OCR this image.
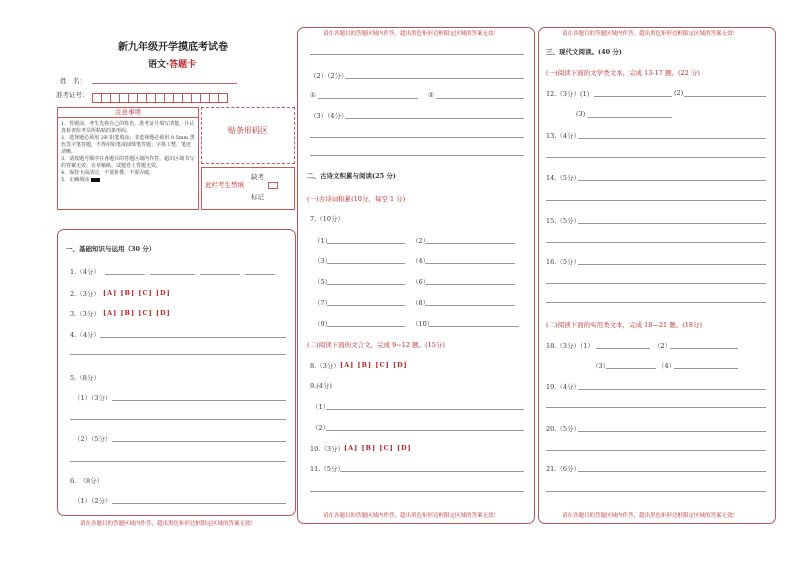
新九年级开学摸底考试卷
语文·答题卡
姓　名：
准考证号：
注意事项
1．答题前，考生先将自己的姓名，准考证号填写清楚，并认真检查监考员所粘贴的条形码。
2．选择题必须用 2B 铅笔填涂；非选择题必须用 0.5mm 黑色签字笔答题，不得用铅笔或圆珠笔答题；字体工整、笔迹清晰。
3．请按题号顺序在各题目的答题区域内作答，超出区域书写的答案无效；在草稿纸、试题卷上答题无效。
4．保持卡面清洁，不要折叠、不要弄破。
5．正确填涂
贴条形码区
缺考
此栏考生禁填
标记
一、基础知识与运用（30 分）
1.（4分）
2.（3分） [A] [B] [C] [D]
3.（3分） [A] [B] [C] [D]
4.（4分）
5.（8分）
（1）（3分）
（2）（5分）
6.　（8分）
（1）（2分）
请在各题目的答题区域内作答，超出黑色矩形边框限定区域的答案无效！
请在各题目的答题区域内作答，超出黑色矩形边框限定区域的答案无效！
（2）（2分）
①	②
（3）（4分）
二、古诗文积累与阅读(25 分)
(一)古诗词积累(10分，每空 1 分)
7.（10分）
（1）	（2）
（3）	（4）
（5）	（6）
（7）	（8）
（9）	（10）
(二)阅读下面的文言文，完成 9~12 题。(15分)
8.（3分） [A] [B] [C] [D]
9.(4分)
（1）
（2）
10.（3分） [A] [B] [C] [D]
11.（5分）
请在各题目的答题区域内作答，超出黑色矩形边框限定区域的答案无效！
请在各题目的答题区域内作答，超出黑色矩形边框限定区域的答案无效！
三、现代文阅读。(40 分)
(一)阅读下面的文学类文本，完成 13-17 题。(22 分)
12.（3分）(1)	(2)
(3)
13.（4分）
14.（5分）
15.（5分）
16.（5分）
(二)阅读下面的实用类文本，完成 18—21 题。(18分)
18.（3分）（1）	（2）
（3）	（4）
19.（4分）
20.（5分）
21.（6分）
请在各题目的答题区域内作答，超出黑色矩形边框限定区域的答案无效！
